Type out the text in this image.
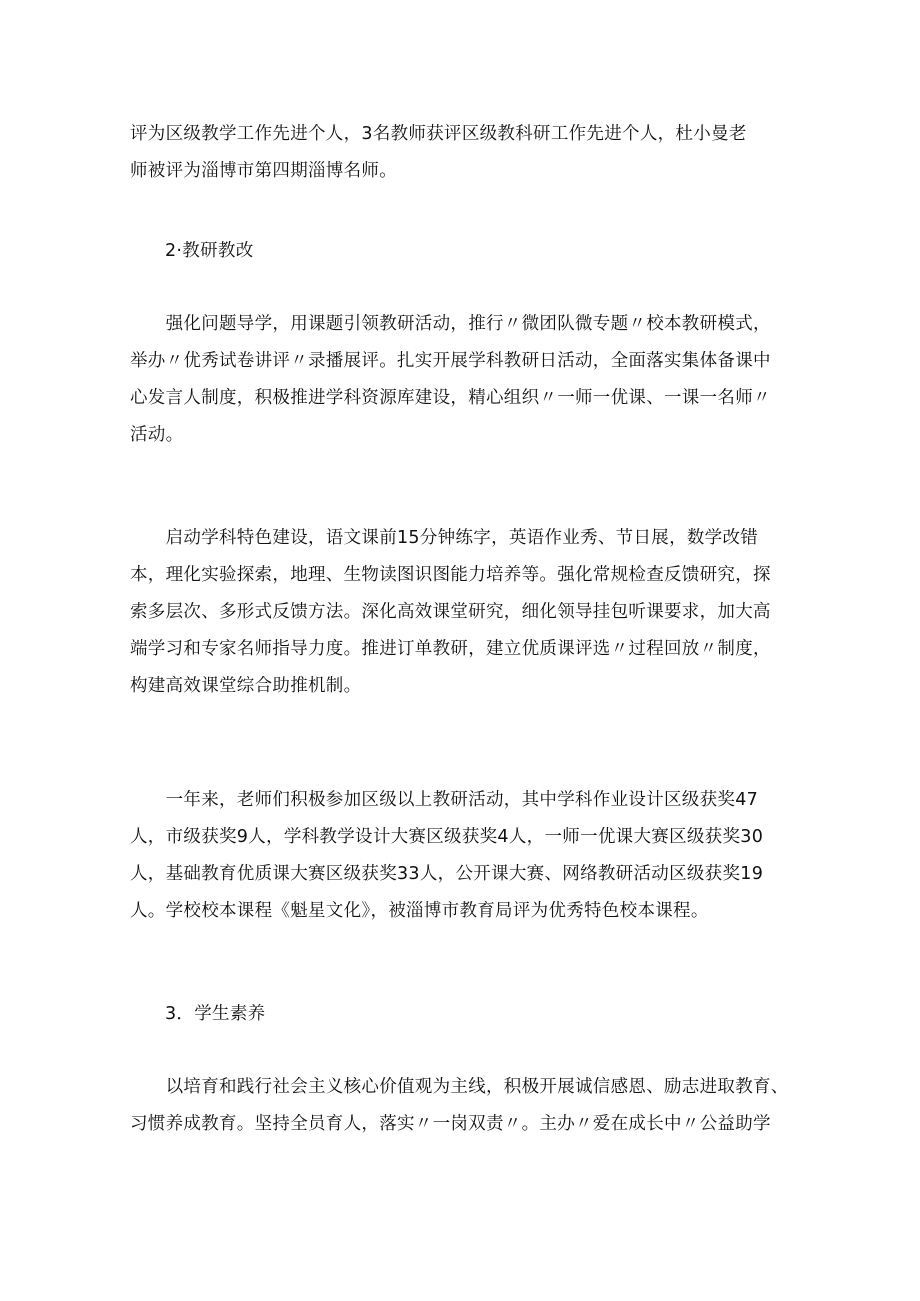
评为区级教学工作先进个人，3名教师获评区级教科研工作先进个人，杜小曼老
师被评为淄博市第四期淄博名师。

2·教研教改

　　强化问题导学，用课题引领教研活动，推行〃微团队微专题〃校本教研模式，
举办〃优秀试卷讲评〃录播展评。扎实开展学科教研日活动，全面落实集体备课中
心发言人制度，积极推进学科资源库建设，精心组织〃一师一优课、一课一名师〃
活动。

　　启动学科特色建设，语文课前15分钟练字，英语作业秀、节日展，数学改错
本，理化实验探索，地理、生物读图识图能力培养等。强化常规检查反馈研究，探
索多层次、多形式反馈方法。深化高效课堂研究，细化领导挂包听课要求，加大高
端学习和专家名师指导力度。推进订单教研，建立优质课评选〃过程回放〃制度，
构建高效课堂综合助推机制。

　　一年来，老师们积极参加区级以上教研活动，其中学科作业设计区级获奖47
人，市级获奖9人，学科教学设计大赛区级获奖4人，一师一优课大赛区级获奖30
人，基础教育优质课大赛区级获奖33人，公开课大赛、网络教研活动区级获奖19
人。学校校本课程《魁星文化》，被淄博市教育局评为优秀特色校本课程。

3．学生素养

　　以培育和践行社会主义核心价值观为主线，积极开展诚信感恩、励志进取教育、
习惯养成教育。坚持全员育人，落实〃一岗双责〃。主办〃爱在成长中〃公益助学
